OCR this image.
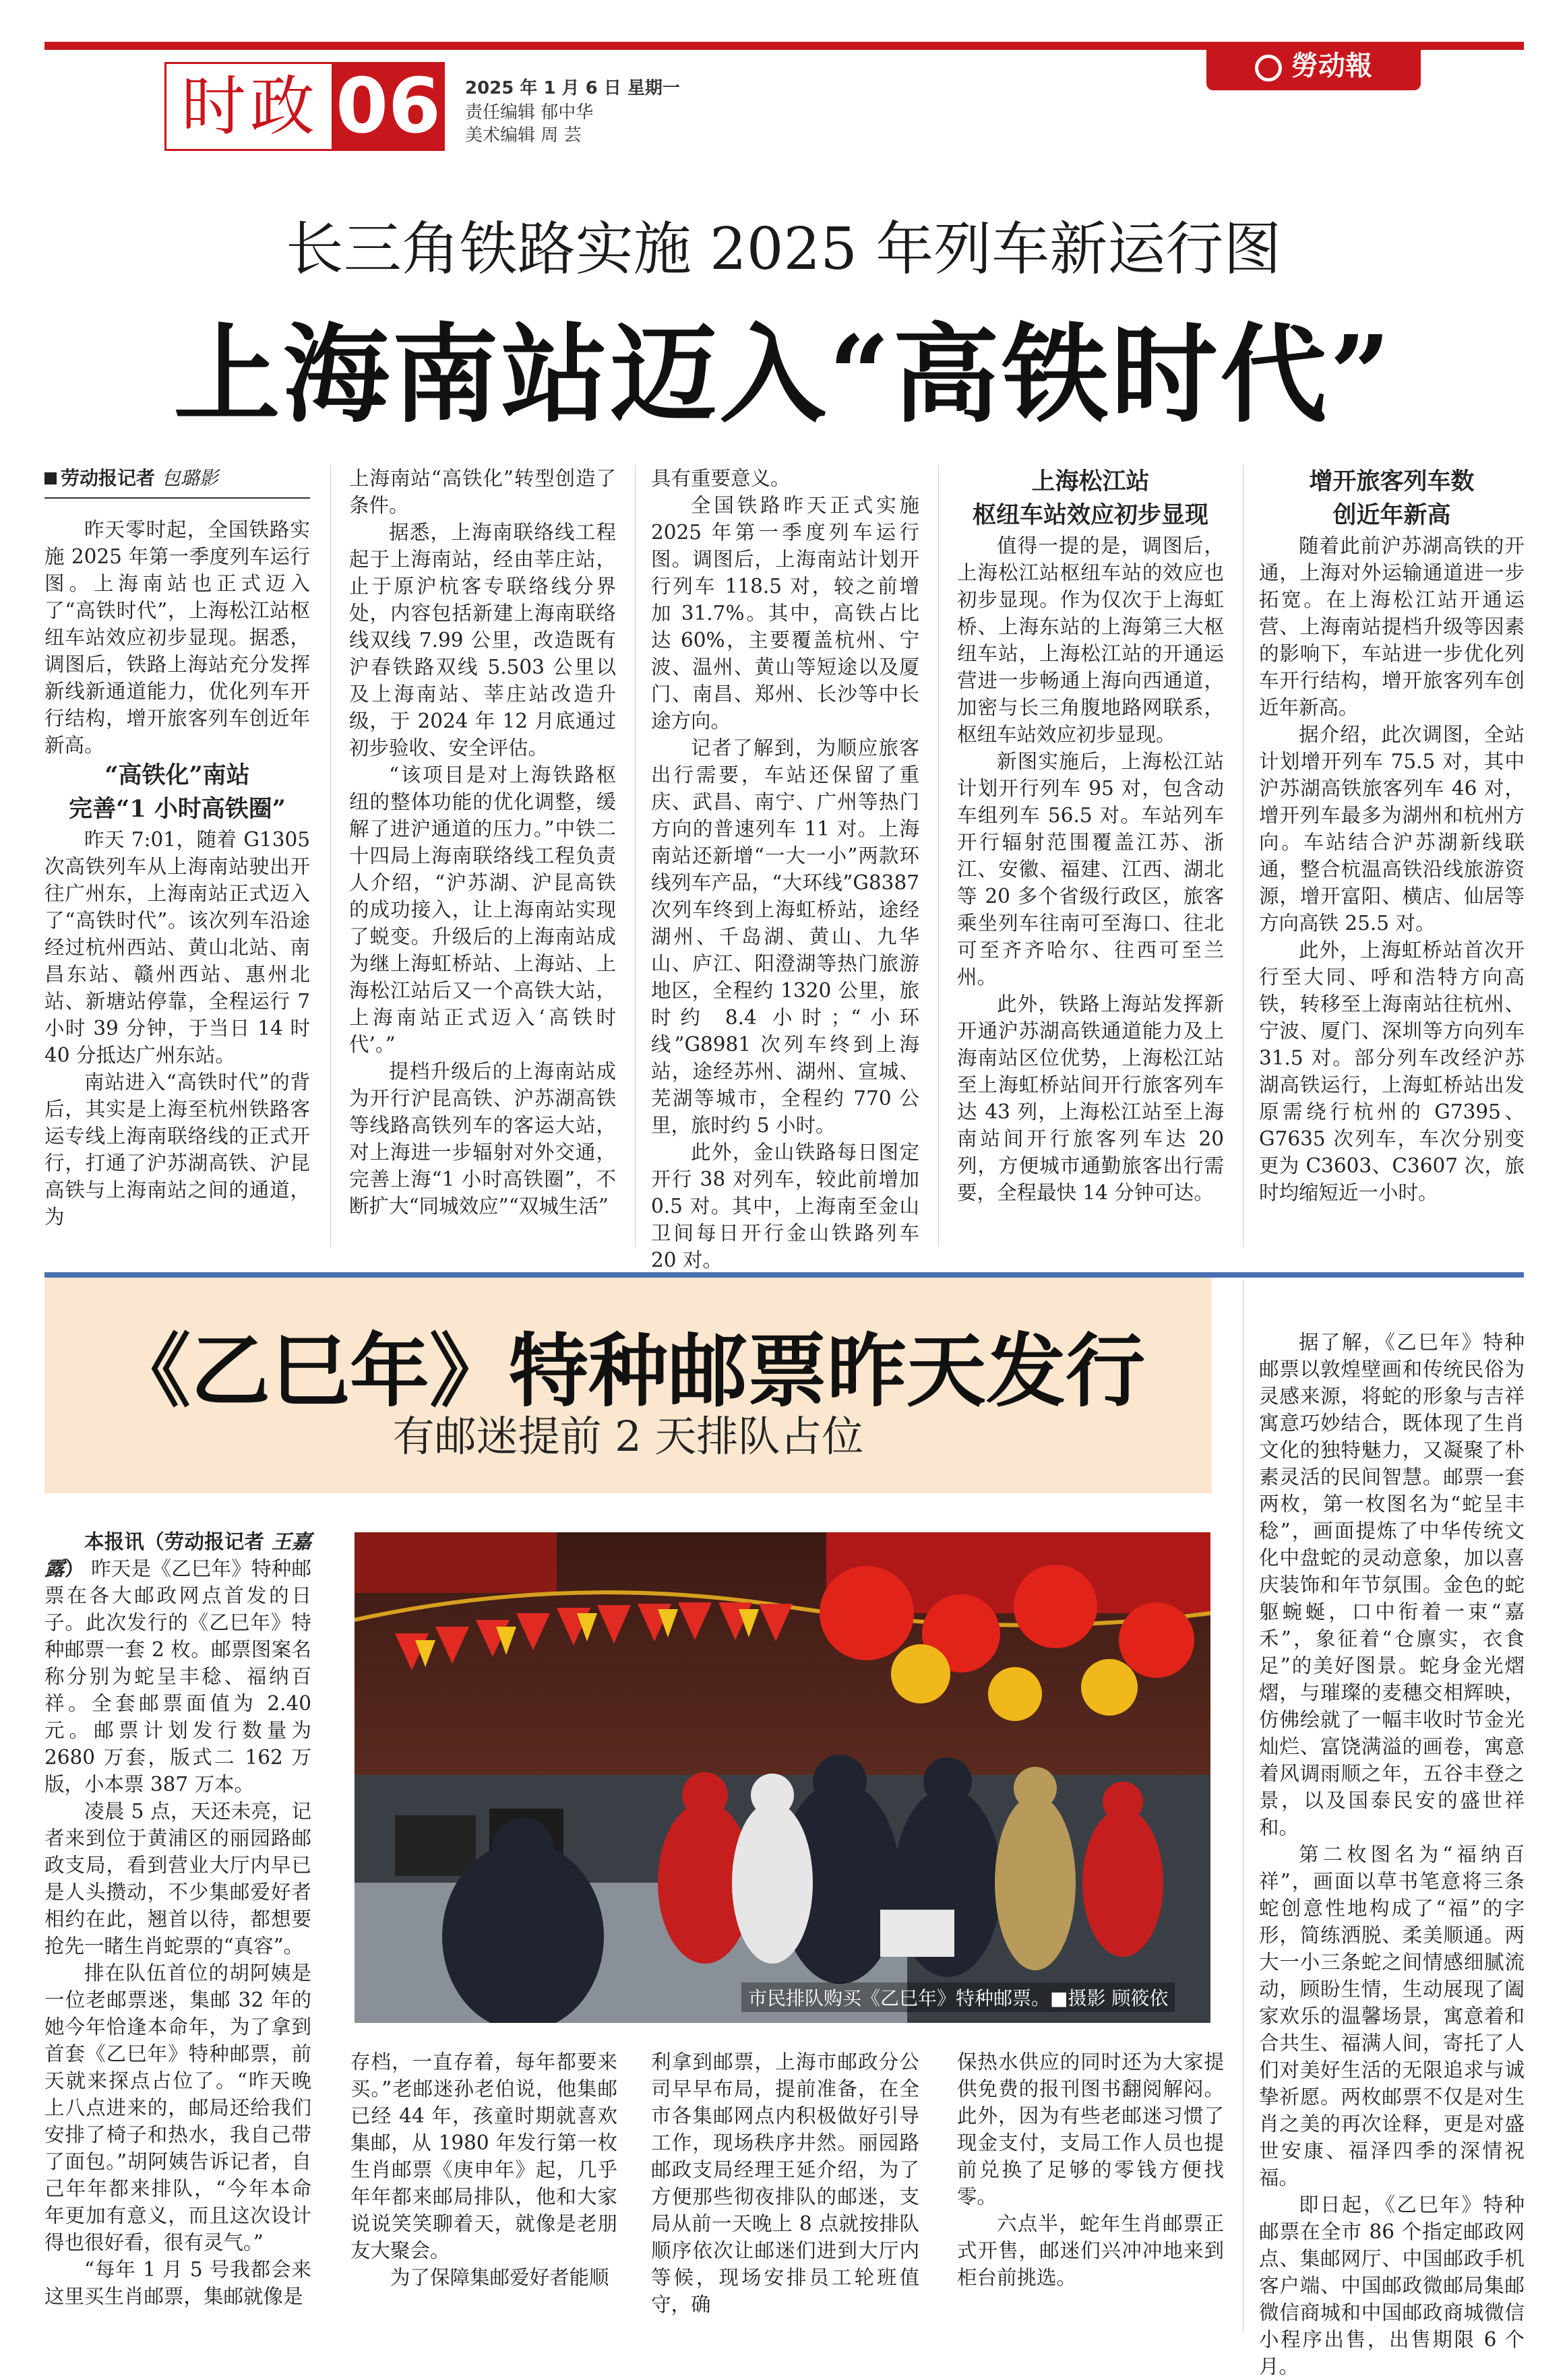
时政 06 2025 年 1 月 6 日 星期一
责任编辑 郁中华
美术编辑 周 芸
勞动報
长三角铁路实施 2025 年列车新运行图
上海南站迈入“高铁时代”
劳动报记者 包璐影

昨天零时起，全国铁路实施 2025 年第一季度列车运行图。上海南站也正式迈入了“高铁时代”，上海松江站枢纽车站效应初步显现。据悉，调图后，铁路上海站充分发挥新线新通道能力，优化列车开行结构，增开旅客列车创近年新高。

“高铁化”南站
完善“1 小时高铁圈”

昨天 7:01，随着 G1305 次高铁列车从上海南站驶出开往广州东，上海南站正式迈入了“高铁时代”。该次列车沿途经过杭州西站、黄山北站、南昌东站、赣州西站、惠州北站、新塘站停靠，全程运行 7 小时 39 分钟，于当日 14 时 40 分抵达广州东站。

南站进入“高铁时代”的背后，其实是上海至杭州铁路客运专线上海南联络线的正式开行，打通了沪苏湖高铁、沪昆高铁与上海南站之间的通道，为

上海南站“高铁化”转型创造了条件。

据悉，上海南联络线工程起于上海南站，经由莘庄站，止于原沪杭客专联络线分界处，内容包括新建上海南联络线双线 7.99 公里，改造既有沪春铁路双线 5.503 公里以及上海南站、莘庄站改造升级，于 2024 年 12 月底通过初步验收、安全评估。

“该项目是对上海铁路枢纽的整体功能的优化调整，缓解了进沪通道的压力。”中铁二十四局上海南联络线工程负责人介绍，“沪苏湖、沪昆高铁的成功接入，让上海南站实现了蜕变。升级后的上海南站成为继上海虹桥站、上海站、上海松江站后又一个高铁大站，上海南站正式迈入‘高铁时代’。”

提档升级后的上海南站成为开行沪昆高铁、沪苏湖高铁等线路高铁列车的客运大站，对上海进一步辐射对外交通，完善上海“1 小时高铁圈”，不断扩大“同城效应”“双城生活”

具有重要意义。

全国铁路昨天正式实施 2025 年第一季度列车运行图。调图后，上海南站计划开行列车 118.5 对，较之前增加 31.7%。其中，高铁占比达 60%，主要覆盖杭州、宁波、温州、黄山等短途以及厦门、南昌、郑州、长沙等中长途方向。

记者了解到，为顺应旅客出行需要，车站还保留了重庆、武昌、南宁、广州等热门方向的普速列车 11 对。上海南站还新增“一大一小”两款环线列车产品，“大环线”G8387 次列车终到上海虹桥站，途经湖州、千岛湖、黄山、九华山、庐江、阳澄湖等热门旅游地区，全程约 1320 公里，旅时约 8.4 小时；“小环线”G8981 次列车终到上海站，途经苏州、湖州、宣城、芜湖等城市，全程约 770 公里，旅时约 5 小时。

此外，金山铁路每日图定开行 38 对列车，较此前增加 0.5 对。其中，上海南至金山卫间每日开行金山铁路列车 20 对。

上海松江站
枢纽车站效应初步显现

值得一提的是，调图后，上海松江站枢纽车站的效应也初步显现。作为仅次于上海虹桥、上海东站的上海第三大枢纽车站，上海松江站的开通运营进一步畅通上海向西通道，加密与长三角腹地路网联系，枢纽车站效应初步显现。

新图实施后，上海松江站计划开行列车 95 对，包含动车组列车 56.5 对。车站列车开行辐射范围覆盖江苏、浙江、安徽、福建、江西、湖北等 20 多个省级行政区，旅客乘坐列车往南可至海口、往北可至齐齐哈尔、往西可至兰州。

此外，铁路上海站发挥新开通沪苏湖高铁通道能力及上海南站区位优势，上海松江站至上海虹桥站间开行旅客列车达 43 列，上海松江站至上海南站间开行旅客列车达 20 列，方便城市通勤旅客出行需要，全程最快 14 分钟可达。

增开旅客列车数
创近年新高

随着此前沪苏湖高铁的开通，上海对外运输通道进一步拓宽。在上海松江站开通运营、上海南站提档升级等因素的影响下，车站进一步优化列车开行结构，增开旅客列车创近年新高。

据介绍，此次调图，全站计划增开列车 75.5 对，其中沪苏湖高铁旅客列车 46 对，增开列车最多为湖州和杭州方向。车站结合沪苏湖新线联通，整合杭温高铁沿线旅游资源，增开富阳、横店、仙居等方向高铁 25.5 对。

此外，上海虹桥站首次开行至大同、呼和浩特方向高铁，转移至上海南站往杭州、宁波、厦门、深圳等方向列车 31.5 对。部分列车改经沪苏湖高铁运行，上海虹桥站出发原需绕行杭州的 G7395、G7635 次列车，车次分别变更为 C3603、C3607 次，旅时均缩短近一小时。

《乙巳年》特种邮票昨天发行
有邮迷提前 2 天排队占位

本报讯（劳动报记者 王嘉露） 昨天是《乙巳年》特种邮票在各大邮政网点首发的日子。此次发行的《乙巳年》特种邮票一套 2 枚。邮票图案名称分别为蛇呈丰稔、福纳百祥。全套邮票面值为 2.40 元。邮票计划发行数量为 2680 万套，版式二 162 万版，小本票 387 万本。

凌晨 5 点，天还未亮，记者来到位于黄浦区的丽园路邮政支局，看到营业大厅内早已是人头攒动，不少集邮爱好者相约在此，翘首以待，都想要抢先一睹生肖蛇票的“真容”。

排在队伍首位的胡阿姨是一位老邮票迷，集邮 32 年的她今年恰逢本命年，为了拿到首套《乙巳年》特种邮票，前天就来探点占位了。“昨天晚上八点进来的，邮局还给我们安排了椅子和热水，我自己带了面包。”胡阿姨告诉记者，自己年年都来排队，“今年本命年更加有意义，而且这次设计得也很好看，很有灵气。”

“每年 1 月 5 号我都会来这里买生肖邮票，集邮就像是

市民排队购买《乙巳年》特种邮票。■摄影 顾筱依

存档，一直存着，每年都要来买。”老邮迷孙老伯说，他集邮已经 44 年，孩童时期就喜欢集邮，从 1980 年发行第一枚生肖邮票《庚申年》起，几乎年年都来邮局排队，他和大家说说笑笑聊着天，就像是老朋友大聚会。

为了保障集邮爱好者能顺

利拿到邮票，上海市邮政分公司早早布局，提前准备，在全市各集邮网点内积极做好引导工作，现场秩序井然。丽园路邮政支局经理王延介绍，为了方便那些彻夜排队的邮迷，支局从前一天晚上 8 点就按排队顺序依次让邮迷们进到大厅内等候，现场安排员工轮班值守，确

保热水供应的同时还为大家提供免费的报刊图书翻阅解闷。此外，因为有些老邮迷习惯了现金支付，支局工作人员也提前兑换了足够的零钱方便找零。

六点半，蛇年生肖邮票正式开售，邮迷们兴冲冲地来到柜台前挑选。

据了解，《乙巳年》特种邮票以敦煌壁画和传统民俗为灵感来源，将蛇的形象与吉祥寓意巧妙结合，既体现了生肖文化的独特魅力，又凝聚了朴素灵活的民间智慧。邮票一套两枚，第一枚图名为“蛇呈丰稔”，画面提炼了中华传统文化中盘蛇的灵动意象，加以喜庆装饰和年节氛围。金色的蛇躯蜿蜒，口中衔着一束“嘉禾”，象征着“仓廪实，衣食足”的美好图景。蛇身金光熠熠，与璀璨的麦穗交相辉映，仿佛绘就了一幅丰收时节金光灿烂、富饶满溢的画卷，寓意着风调雨顺之年，五谷丰登之景，以及国泰民安的盛世祥和。

第二枚图名为“福纳百祥”，画面以草书笔意将三条蛇创意性地构成了“福”的字形，简练洒脱、柔美顺通。两大一小三条蛇之间情感细腻流动，顾盼生情，生动展现了阖家欢乐的温馨场景，寓意着和合共生、福满人间，寄托了人们对美好生活的无限追求与诚挚祈愿。两枚邮票不仅是对生肖之美的再次诠释，更是对盛世安康、福泽四季的深情祝福。

即日起，《乙巳年》特种邮票在全市 86 个指定邮政网点、集邮网厅、中国邮政手机客户端、中国邮政微邮局集邮微信商城和中国邮政商城微信小程序出售，出售期限 6 个月。
